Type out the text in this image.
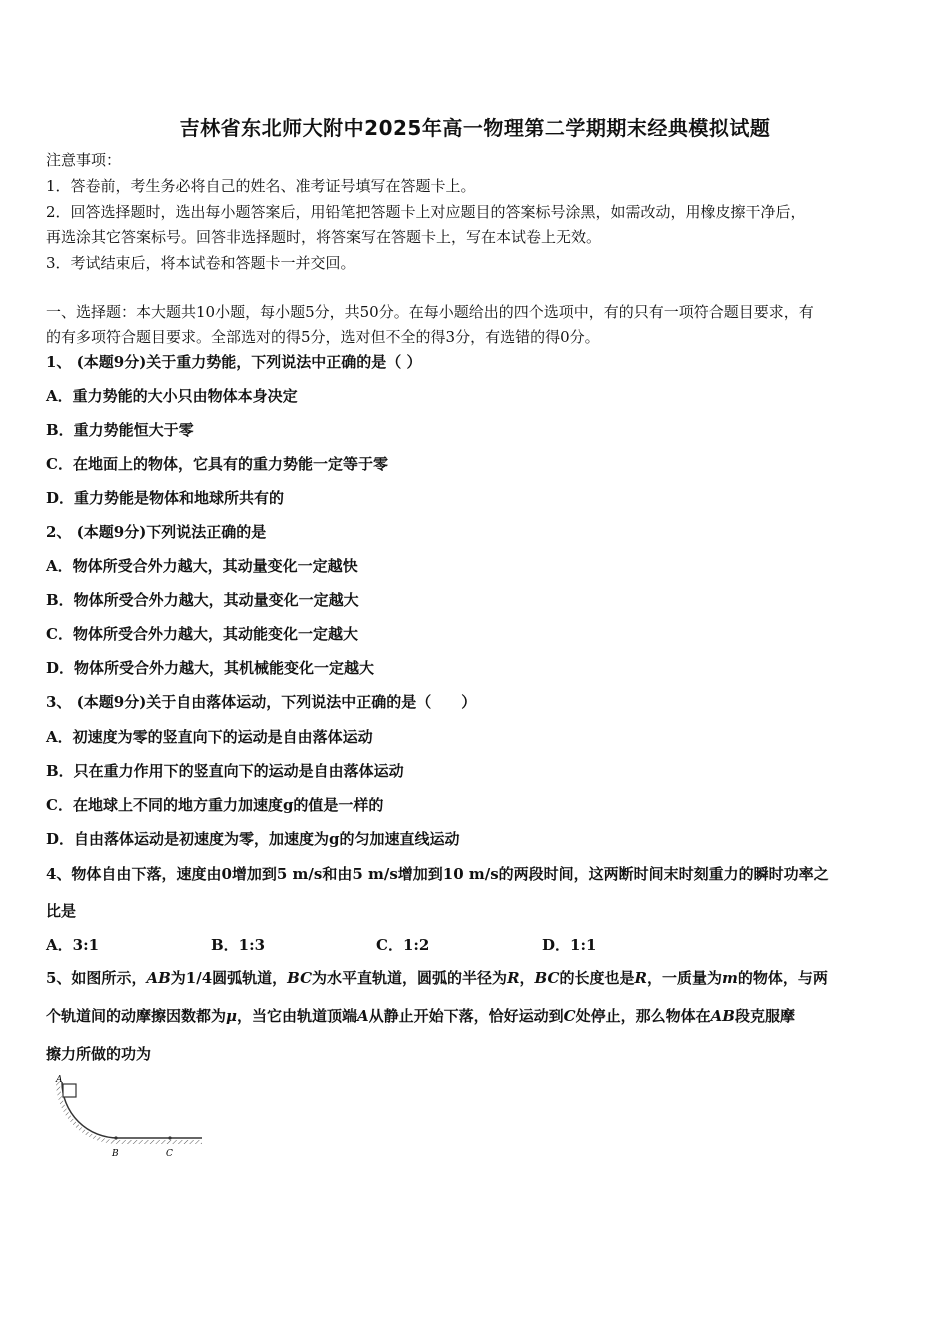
吉林省东北师大附中2025年高一物理第二学期期末经典模拟试题
注意事项：
1．答卷前，考生务必将自己的姓名、准考证号填写在答题卡上。
2．回答选择题时，选出每小题答案后，用铅笔把答题卡上对应题目的答案标号涂黑，如需改动，用橡皮擦干净后，
再选涂其它答案标号。回答非选择题时，将答案写在答题卡上，写在本试卷上无效。
3．考试结束后，将本试卷和答题卡一并交回。
一、选择题：本大题共10小题，每小题5分，共50分。在每小题给出的四个选项中，有的只有一项符合题目要求，有
的有多项符合题目要求。全部选对的得5分，选对但不全的得3分，有选错的得0分。
1、 (本题9分)关于重力势能，下列说法中正确的是（ ）
A．重力势能的大小只由物体本身决定
B．重力势能恒大于零
C．在地面上的物体，它具有的重力势能一定等于零
D．重力势能是物体和地球所共有的
2、 (本题9分)下列说法正确的是
A．物体所受合外力越大，其动量变化一定越快
B．物体所受合外力越大，其动量变化一定越大
C．物体所受合外力越大，其动能变化一定越大
D．物体所受合外力越大，其机械能变化一定越大
3、 (本题9分)关于自由落体运动，下列说法中正确的是（　　）
A．初速度为零的竖直向下的运动是自由落体运动
B．只在重力作用下的竖直向下的运动是自由落体运动
C．在地球上不同的地方重力加速度g的值是一样的
D．自由落体运动是初速度为零，加速度为g的匀加速直线运动
4、物体自由下落，速度由0增加到5 m/s和由5 m/s增加到10 m/s的两段时间，这两断时间末时刻重力的瞬时功率之
比是
A．3:1	B．1:3	C．1:2	D．1:1
5、如图所示，AB为1/4圆弧轨道，BC为水平直轨道，圆弧的半径为R，BC的长度也是R，一质量为m的物体，与两
个轨道间的动摩擦因数都为μ，当它由轨道顶端A从静止开始下落，恰好运动到C处停止，那么物体在AB段克服摩
擦力所做的功为
A
B	C
